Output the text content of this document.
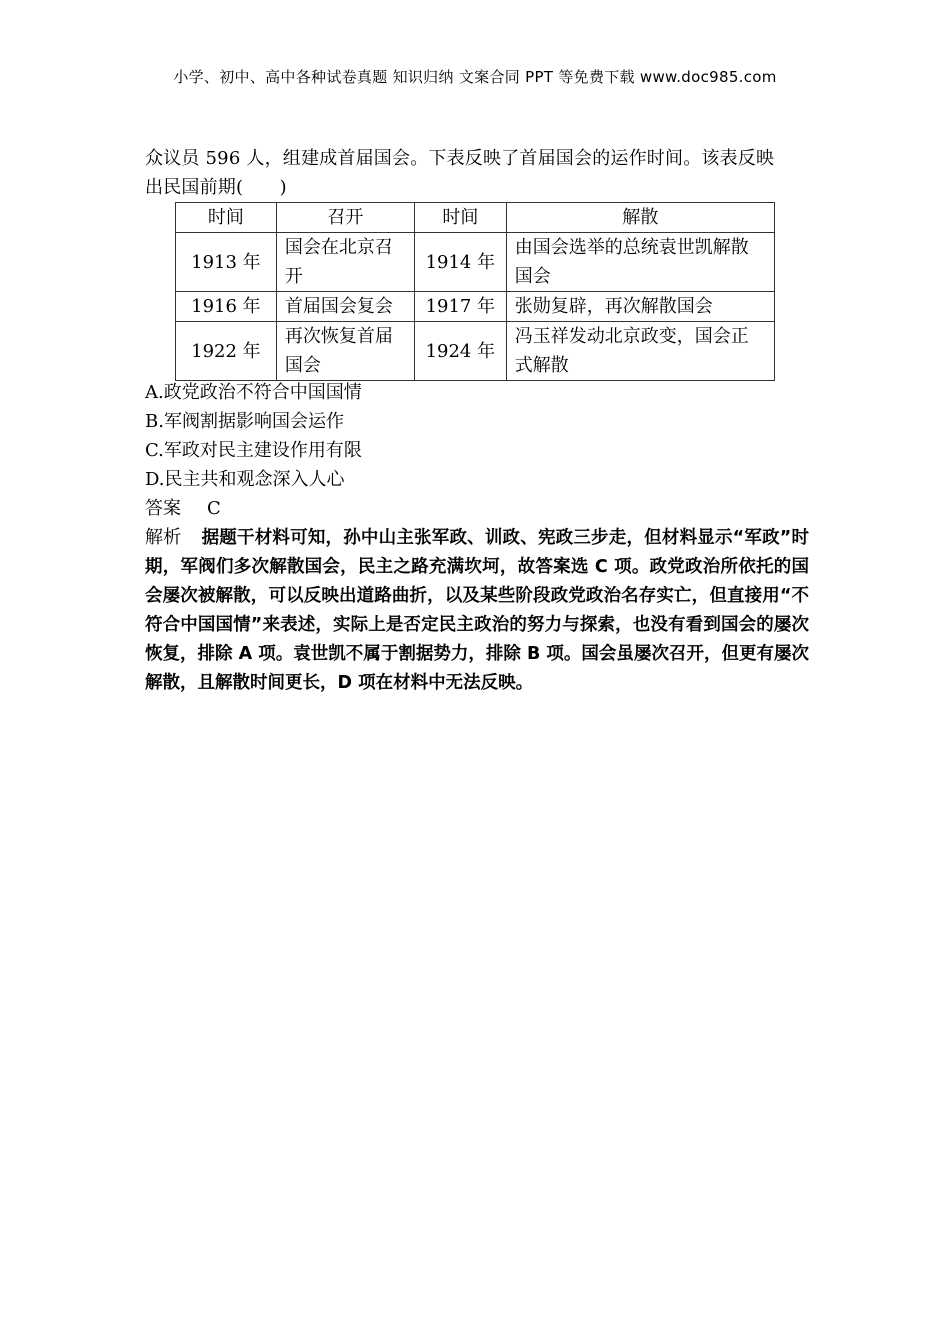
小学、初中、高中各种试卷真题 知识归纳 文案合同 PPT 等免费下载 www.doc985.com

众议员 596 人，组建成首届国会。下表反映了首届国会的运作时间。该表反映

出民国前期(　　)

时间	召开	时间	解散
1913 年	国会在北京召开	1914 年	由国会选举的总统袁世凯解散国会
1916 年	首届国会复会	1917 年	张勋复辟，再次解散国会
1922 年	再次恢复首届国会	1924 年	冯玉祥发动北京政变，国会正式解散

A.政党政治不符合中国国情

B.军阀割据影响国会运作

C.军政对民主建设作用有限

D.民主共和观念深入人心

答案 C

解析 据题干材料可知，孙中山主张军政、训政、宪政三步走，但材料显示“军政”时期，军阀们多次解散国会，民主之路充满坎坷，故答案选 C 项。政党政治所依托的国会屡次被解散，可以反映出道路曲折，以及某些阶段政党政治名存实亡，但直接用“不符合中国国情”来表述，实际上是否定民主政治的努力与探索，也没有看到国会的屡次恢复，排除 A 项。袁世凯不属于割据势力，排除 B 项。国会虽屡次召开，但更有屡次解散，且解散时间更长，D 项在材料中无法反映。
